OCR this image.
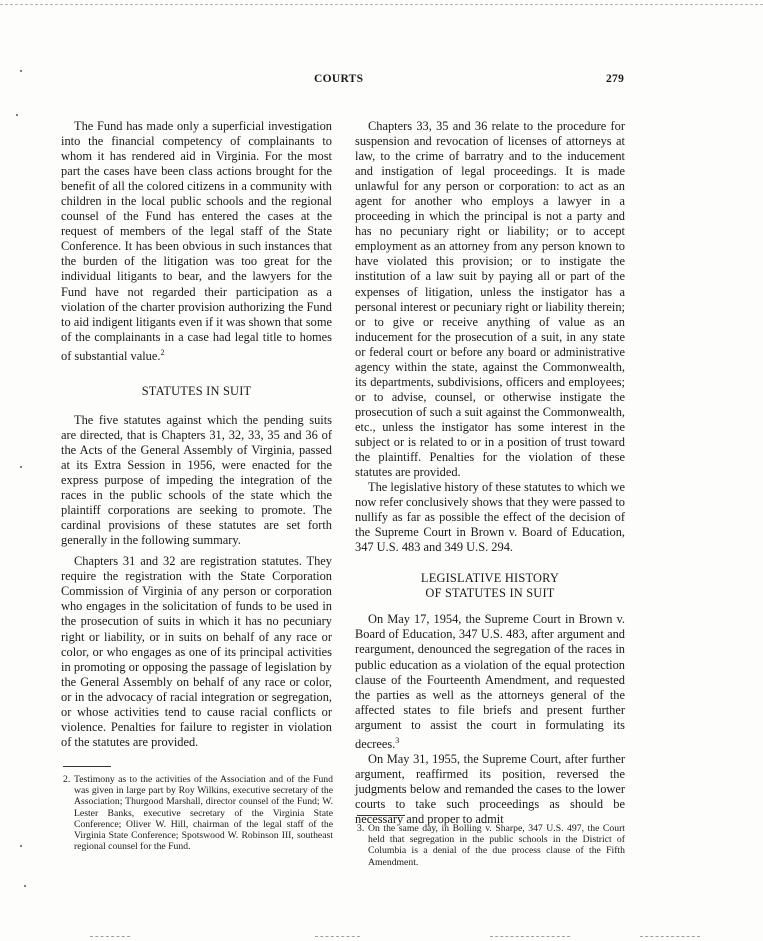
COURTS	279

The Fund has made only a superficial investigation into the financial competency of complainants to whom it has rendered aid in Virginia. For the most part the cases have been class actions brought for the benefit of all the colored citizens in a community with children in the local public schools and the regional counsel of the Fund has entered the cases at the request of members of the legal staff of the State Conference. It has been obvious in such instances that the burden of the litigation was too great for the individual litigants to bear, and the lawyers for the Fund have not regarded their participation as a violation of the charter provision authorizing the Fund to aid indigent litigants even if it was shown that some of the complainants in a case had legal title to homes of substantial value.$^2$

STATUTES IN SUIT

The five statutes against which the pending suits are directed, that is Chapters 31, 32, 33, 35 and 36 of the Acts of the General Assembly of Virginia, passed at its Extra Session in 1956, were enacted for the express purpose of impeding the integration of the races in the public schools of the state which the plaintiff corporations are seeking to promote. The cardinal provisions of these statutes are set forth generally in the following summary.

Chapters 31 and 32 are registration statutes. They require the registration with the State Corporation Commission of Virginia of any person or corporation who engages in the solicitation of funds to be used in the prosecution of suits in which it has no pecuniary right or liability, or in suits on behalf of any race or color, or who engages as one of its principal activities in promoting or opposing the passage of legislation by the General Assembly on behalf of any race or color, or in the advocacy of racial integration or segregation, or whose activities tend to cause racial conflicts or violence. Penalties for failure to register in violation of the statutes are provided.

2. Testimony as to the activities of the Association and of the Fund was given in large part by Roy Wilkins, executive secretary of the Association; Thurgood Marshall, director counsel of the Fund; W. Lester Banks, executive secretary of the Virginia State Conference; Oliver W. Hill, chairman of the legal staff of the Virginia State Conference; Spotswood W. Robinson III, southeast regional counsel for the Fund.

Chapters 33, 35 and 36 relate to the procedure for suspension and revocation of licenses of attorneys at law, to the crime of barratry and to the inducement and instigation of legal proceedings. It is made unlawful for any person or corporation: to act as an agent for another who employs a lawyer in a proceeding in which the principal is not a party and has no pecuniary right or liability; or to accept employment as an attorney from any person known to have violated this provision; or to instigate the institution of a law suit by paying all or part of the expenses of litigation, unless the instigator has a personal interest or pecuniary right or liability therein; or to give or receive anything of value as an inducement for the prosecution of a suit, in any state or federal court or before any board or administrative agency within the state, against the Commonwealth, its departments, subdivisions, officers and employees; or to advise, counsel, or otherwise instigate the prosecution of such a suit against the Commonwealth, etc., unless the instigator has some interest in the subject or is related to or in a position of trust toward the plaintiff. Penalties for the violation of these statutes are provided.

The legislative history of these statutes to which we now refer conclusively shows that they were passed to nullify as far as possible the effect of the decision of the Supreme Court in Brown v. Board of Education, 347 U.S. 483 and 349 U.S. 294.

LEGISLATIVE HISTORY
OF STATUTES IN SUIT

On May 17, 1954, the Supreme Court in Brown v. Board of Education, 347 U.S. 483, after argument and reargument, denounced the segregation of the races in public education as a violation of the equal protection clause of the Fourteenth Amendment, and requested the parties as well as the attorneys general of the affected states to file briefs and present further argument to assist the court in formulating its decrees.$^3$

On May 31, 1955, the Supreme Court, after further argument, reaffirmed its position, reversed the judgments below and remanded the cases to the lower courts to take such proceedings as should be necessary and proper to admit

3. On the same day, in Bolling v. Sharpe, 347 U.S. 497, the Court held that segregation in the public schools in the District of Columbia is a denial of the due process clause of the Fifth Amendment.
